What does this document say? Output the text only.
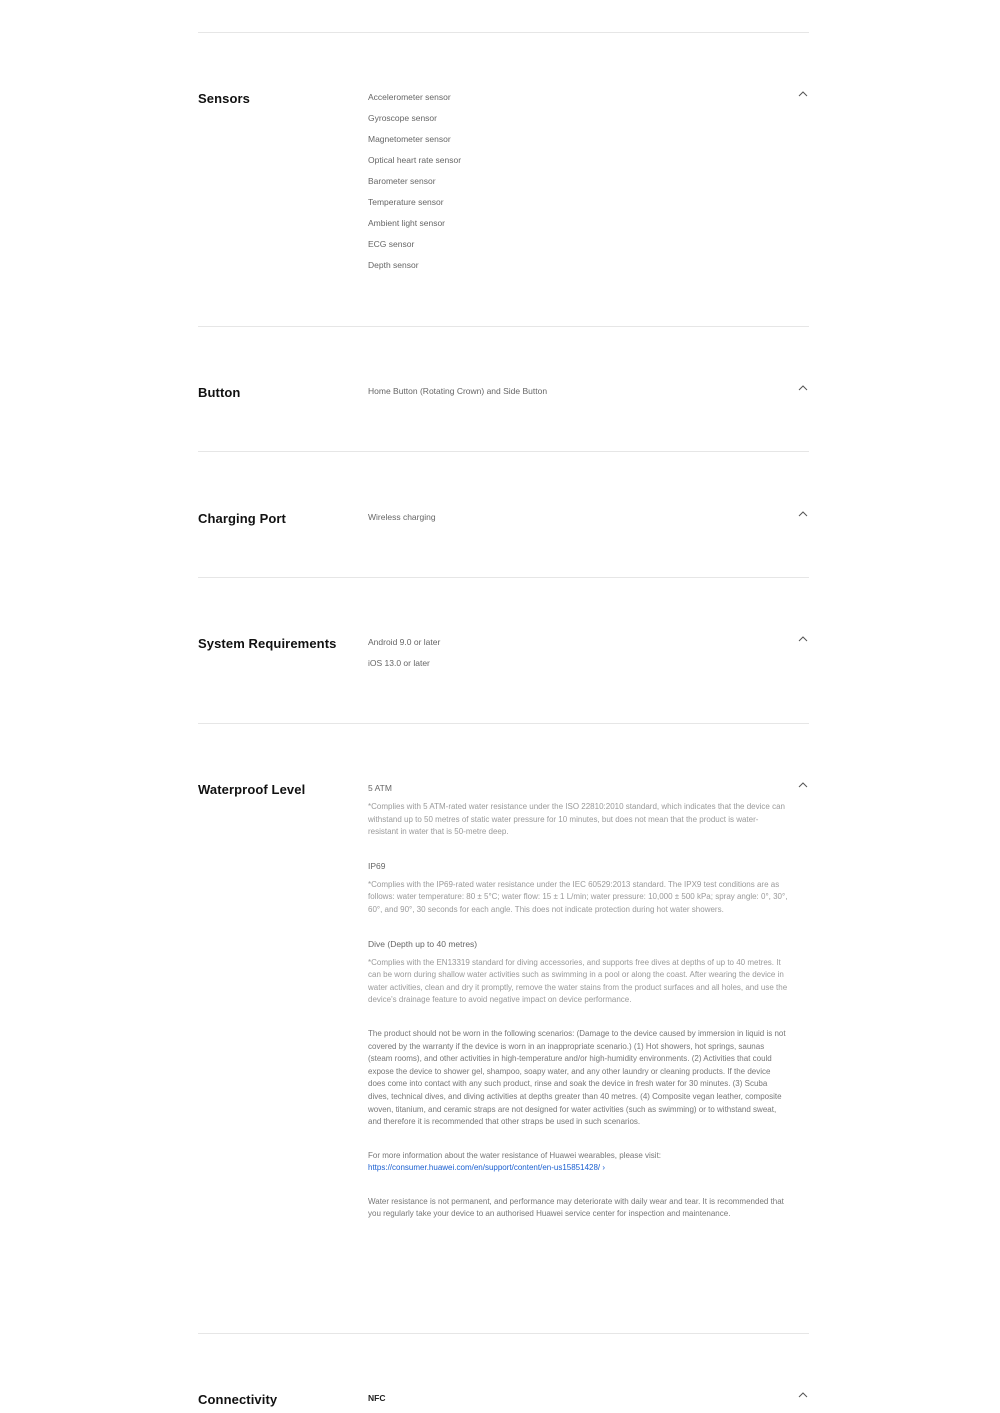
Sensors	Accelerometer sensor
Gyroscope sensor
Magnetometer sensor
Optical heart rate sensor
Barometer sensor
Temperature sensor
Ambient light sensor
ECG sensor
Depth sensor
Button	Home Button (Rotating Crown) and Side Button
Charging Port	Wireless charging
System Requirements	Android 9.0 or later
iOS 13.0 or later
Waterproof Level	5 ATM

*Complies with 5 ATM-rated water resistance under the ISO 22810:2010 standard, which indicates that the device can withstand up to 50 metres of static water pressure for 10 minutes, but does not mean that the product is water-resistant in water that is 50-metre deep.

IP69

*Complies with the IP69-rated water resistance under the IEC 60529:2013 standard. The IPX9 test conditions are as follows: water temperature: 80 ± 5°C; water flow: 15 ± 1 L/min; water pressure: 10,000 ± 500 kPa; spray angle: 0°, 30°, 60°, and 90°, 30 seconds for each angle. This does not indicate protection during hot water showers.

Dive (Depth up to 40 metres)

*Complies with the EN13319 standard for diving accessories, and supports free dives at depths of up to 40 metres. It can be worn during shallow water activities such as swimming in a pool or along the coast. After wearing the device in water activities, clean and dry it promptly, remove the water stains from the product surfaces and all holes, and use the device's drainage feature to avoid negative impact on device performance.

The product should not be worn in the following scenarios: (Damage to the device caused by immersion in liquid is not covered by the warranty if the device is worn in an inappropriate scenario.) (1) Hot showers, hot springs, saunas (steam rooms), and other activities in high-temperature and/or high-humidity environments. (2) Activities that could expose the device to shower gel, shampoo, soapy water, and any other laundry or cleaning products. If the device does come into contact with any such product, rinse and soak the device in fresh water for 30 minutes. (3) Scuba dives, technical dives, and diving activities at depths greater than 40 metres. (4) Composite vegan leather, composite woven, titanium, and ceramic straps are not designed for water activities (such as swimming) or to withstand sweat, and therefore it is recommended that other straps be used in such scenarios.

For more information about the water resistance of Huawei wearables, please visit:
https://consumer.huawei.com/en/support/content/en-us15851428/ ›

Water resistance is not permanent, and performance may deteriorate with daily wear and tear. It is recommended that you regularly take your device to an authorised Huawei service center for inspection and maintenance.

Connectivity	NFC
